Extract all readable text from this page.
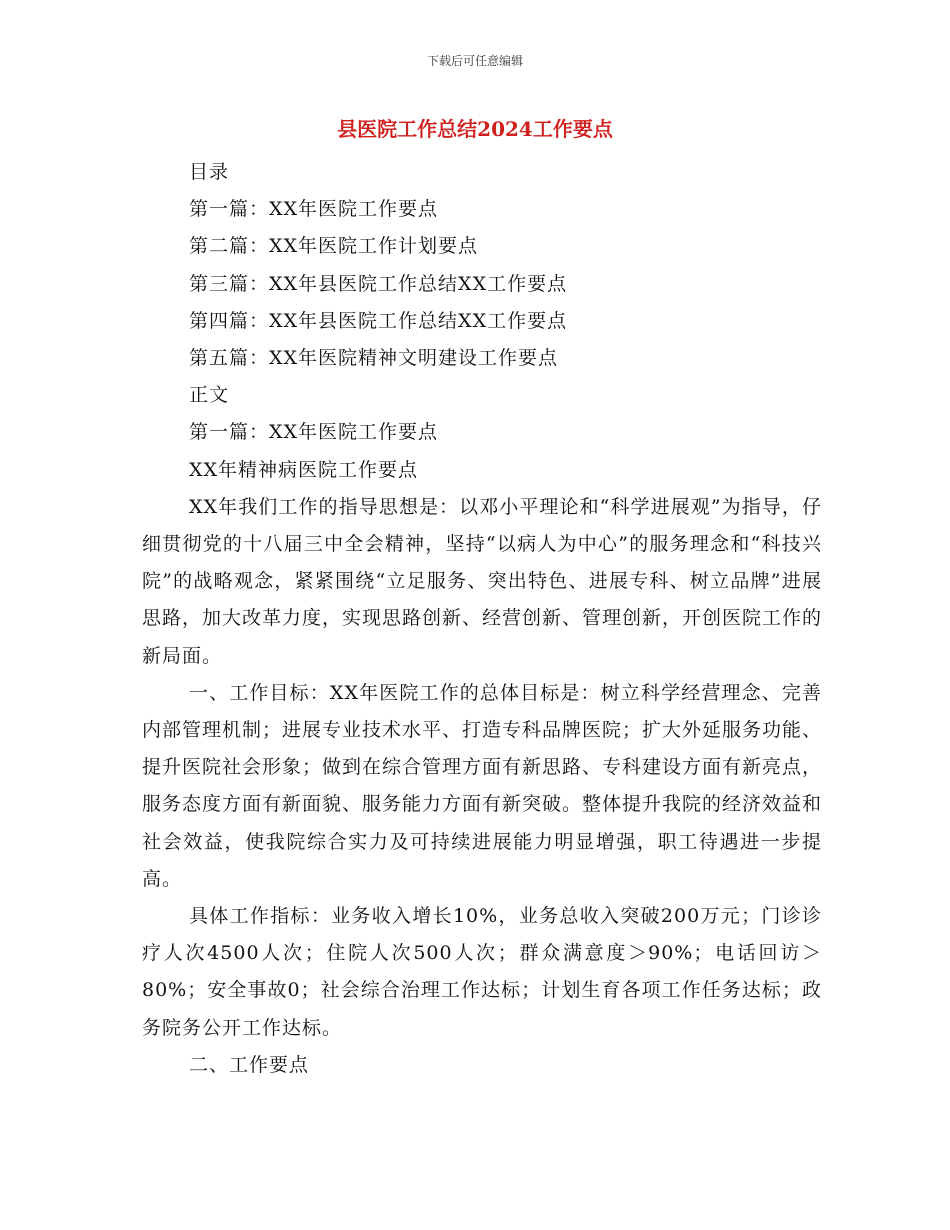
下载后可任意编辑
县医院工作总结2024工作要点

目录

第一篇：XX年医院工作要点

第二篇：XX年医院工作计划要点

第三篇：XX年县医院工作总结XX工作要点

第四篇：XX年县医院工作总结XX工作要点

第五篇：XX年医院精神文明建设工作要点

正文

第一篇：XX年医院工作要点

XX年精神病医院工作要点

XX年我们工作的指导思想是：以邓小平理论和“科学进展观”为指导，仔细贯彻党的十八届三中全会精神，坚持“以病人为中心”的服务理念和“科技兴院”的战略观念，紧紧围绕“立足服务、突出特色、进展专科、树立品牌”进展思路，加大改革力度，实现思路创新、经营创新、管理创新，开创医院工作的新局面。

一、工作目标：XX年医院工作的总体目标是：树立科学经营理念、完善内部管理机制；进展专业技术水平、打造专科品牌医院；扩大外延服务功能、提升医院社会形象；做到在综合管理方面有新思路、专科建设方面有新亮点，服务态度方面有新面貌、服务能力方面有新突破。整体提升我院的经济效益和社会效益，使我院综合实力及可持续进展能力明显增强，职工待遇进一步提高。

具体工作指标：业务收入增长10%，业务总收入突破200万元；门诊诊疗人次4500人次；住院人次500人次；群众满意度＞90%；电话回访＞80%；安全事故0；社会综合治理工作达标；计划生育各项工作任务达标；政务院务公开工作达标。

二、工作要点
